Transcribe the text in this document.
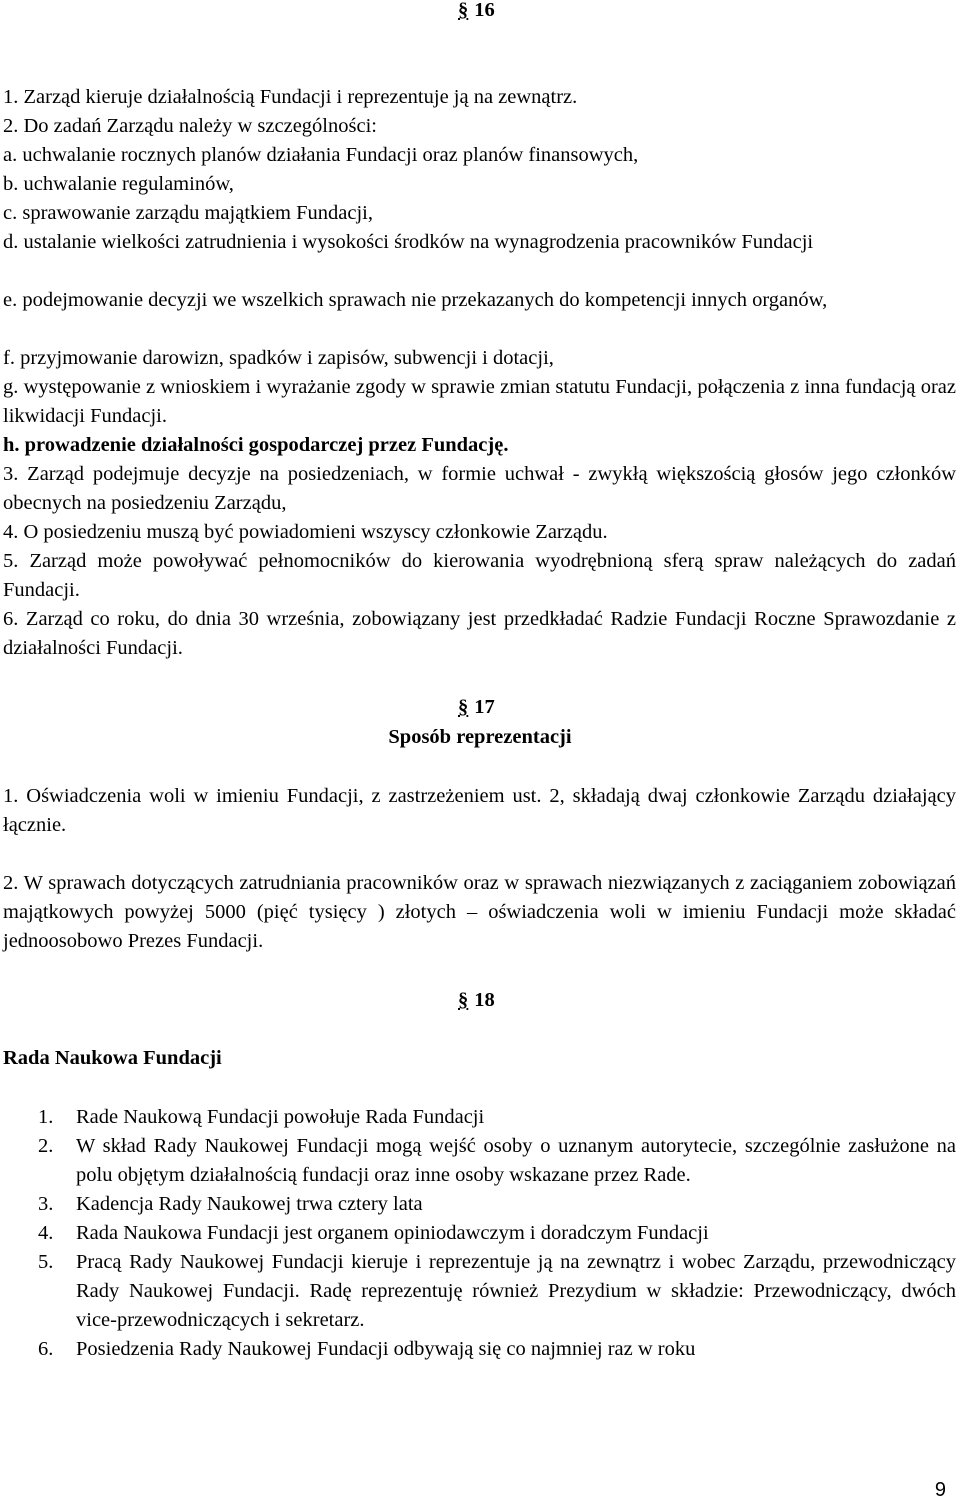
§ 16

1. Zarząd kieruje działalnością Fundacji i reprezentuje ją na zewnątrz.

2. Do zadań Zarządu należy w szczególności:

a. uchwalanie rocznych planów działania Fundacji oraz planów finansowych,

b. uchwalanie regulaminów,

c. sprawowanie zarządu majątkiem Fundacji,

d. ustalanie wielkości zatrudnienia i wysokości środków na wynagrodzenia pracowników Fundacji

e. podejmowanie decyzji we wszelkich sprawach nie przekazanych do kompetencji innych organów,

f. przyjmowanie darowizn, spadków i zapisów, subwencji i dotacji,

g. występowanie z wnioskiem i wyrażanie zgody w sprawie zmian statutu Fundacji, połączenia z inna fundacją oraz likwidacji Fundacji.

h. prowadzenie działalności gospodarczej przez Fundację.

3. Zarząd podejmuje decyzje na posiedzeniach, w formie uchwał - zwykłą większością głosów jego członków obecnych na posiedzeniu Zarządu,

4. O posiedzeniu muszą być powiadomieni wszyscy członkowie Zarządu.

5. Zarząd może powoływać pełnomocników do kierowania wyodrębnioną sferą spraw należących do zadań Fundacji.

6. Zarząd co roku, do dnia 30 września, zobowiązany jest przedkładać Radzie Fundacji Roczne Sprawozdanie z działalności Fundacji.

§ 17

Sposób reprezentacji

1. Oświadczenia woli w imieniu Fundacji, z zastrzeżeniem ust. 2, składają dwaj członkowie Zarządu działający łącznie.

2. W sprawach dotyczących zatrudniania pracowników oraz w sprawach niezwiązanych z zaciąganiem zobowiązań majątkowych powyżej 5000 (pięć tysięcy ) złotych – oświadczenia woli w imieniu Fundacji może składać jednoosobowo Prezes Fundacji.

§ 18

Rada Naukowa Fundacji

1. Rade Naukową Fundacji powołuje Rada Fundacji
2. W skład Rady Naukowej Fundacji mogą wejść osoby o uznanym autorytecie, szczególnie zasłużone na polu objętym działalnością fundacji oraz inne osoby wskazane przez Rade.
3. Kadencja Rady Naukowej trwa cztery lata
4. Rada Naukowa Fundacji jest organem opiniodawczym i doradczym Fundacji
5. Pracą Rady Naukowej Fundacji kieruje i reprezentuje ją na zewnątrz i wobec Zarządu, przewodniczący Rady Naukowej Fundacji. Radę reprezentuję również Prezydium w składzie: Przewodniczący, dwóch vice-przewodniczących i sekretarz.
6. Posiedzenia Rady Naukowej Fundacji odbywają się co najmniej raz w roku
9
